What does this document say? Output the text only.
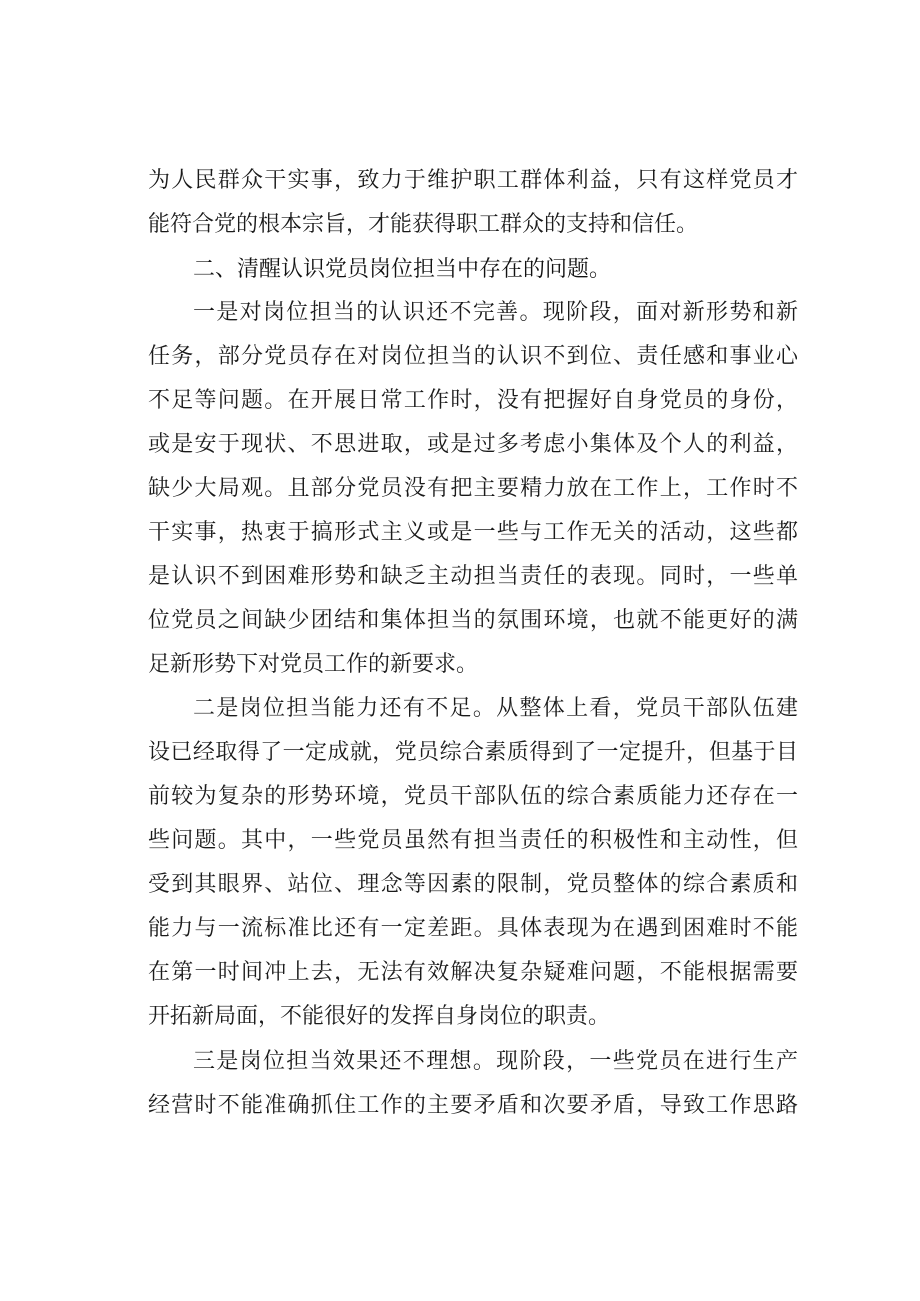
为人民群众干实事，致力于维护职工群体利益，只有这样党员才
能符合党的根本宗旨，才能获得职工群众的支持和信任。
二、清醒认识党员岗位担当中存在的问题。
一是对岗位担当的认识还不完善。现阶段，面对新形势和新
任务，部分党员存在对岗位担当的认识不到位、责任感和事业心
不足等问题。在开展日常工作时，没有把握好自身党员的身份，
或是安于现状、不思进取，或是过多考虑小集体及个人的利益，
缺少大局观。且部分党员没有把主要精力放在工作上，工作时不
干实事，热衷于搞形式主义或是一些与工作无关的活动，这些都
是认识不到困难形势和缺乏主动担当责任的表现。同时，一些单
位党员之间缺少团结和集体担当的氛围环境，也就不能更好的满
足新形势下对党员工作的新要求。
二是岗位担当能力还有不足。从整体上看，党员干部队伍建
设已经取得了一定成就，党员综合素质得到了一定提升，但基于目
前较为复杂的形势环境，党员干部队伍的综合素质能力还存在一
些问题。其中，一些党员虽然有担当责任的积极性和主动性，但
受到其眼界、站位、理念等因素的限制，党员整体的综合素质和
能力与一流标准比还有一定差距。具体表现为在遇到困难时不能
在第一时间冲上去，无法有效解决复杂疑难问题，不能根据需要
开拓新局面，不能很好的发挥自身岗位的职责。
三是岗位担当效果还不理想。现阶段，一些党员在进行生产
经营时不能准确抓住工作的主要矛盾和次要矛盾，导致工作思路
